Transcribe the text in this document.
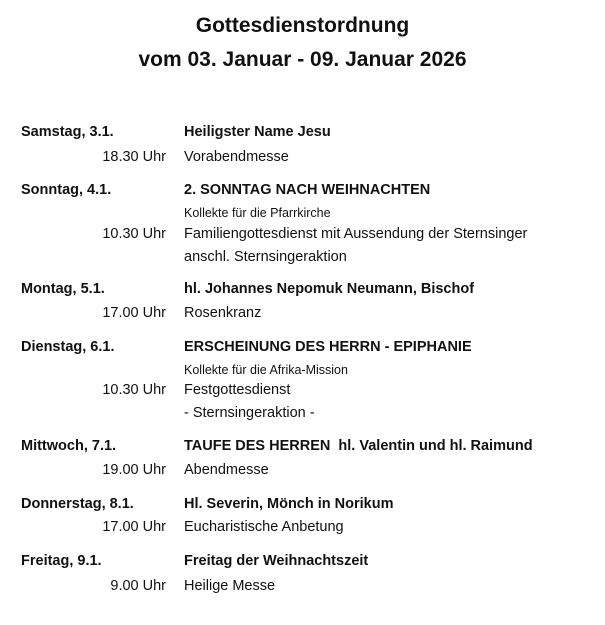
Gottesdienstordnung
vom 03. Januar - 09. Januar 2026
Samstag, 3.1.	Heiligster Name Jesu
18.30 Uhr Vorabendmesse
Sonntag, 4.1.	2. SONNTAG NACH WEIHNACHTEN
Kollekte für die Pfarrkirche
10.30 Uhr Familiengottesdienst mit Aussendung der Sternsinger
anschl. Sternsingeraktion
Montag, 5.1.	hl. Johannes Nepomuk Neumann, Bischof
17.00 Uhr Rosenkranz
Dienstag, 6.1.	ERSCHEINUNG DES HERRN - EPIPHANIE
Kollekte für die Afrika-Mission
10.30 Uhr Festgottesdienst
- Sternsingeraktion -
Mittwoch, 7.1.	TAUFE DES HERREN  hl. Valentin und hl. Raimund
19.00 Uhr Abendmesse
Donnerstag, 8.1.	Hl. Severin, Mönch in Norikum
17.00 Uhr Eucharistische Anbetung
Freitag, 9.1.	Freitag der Weihnachtszeit
9.00 Uhr Heilige Messe
